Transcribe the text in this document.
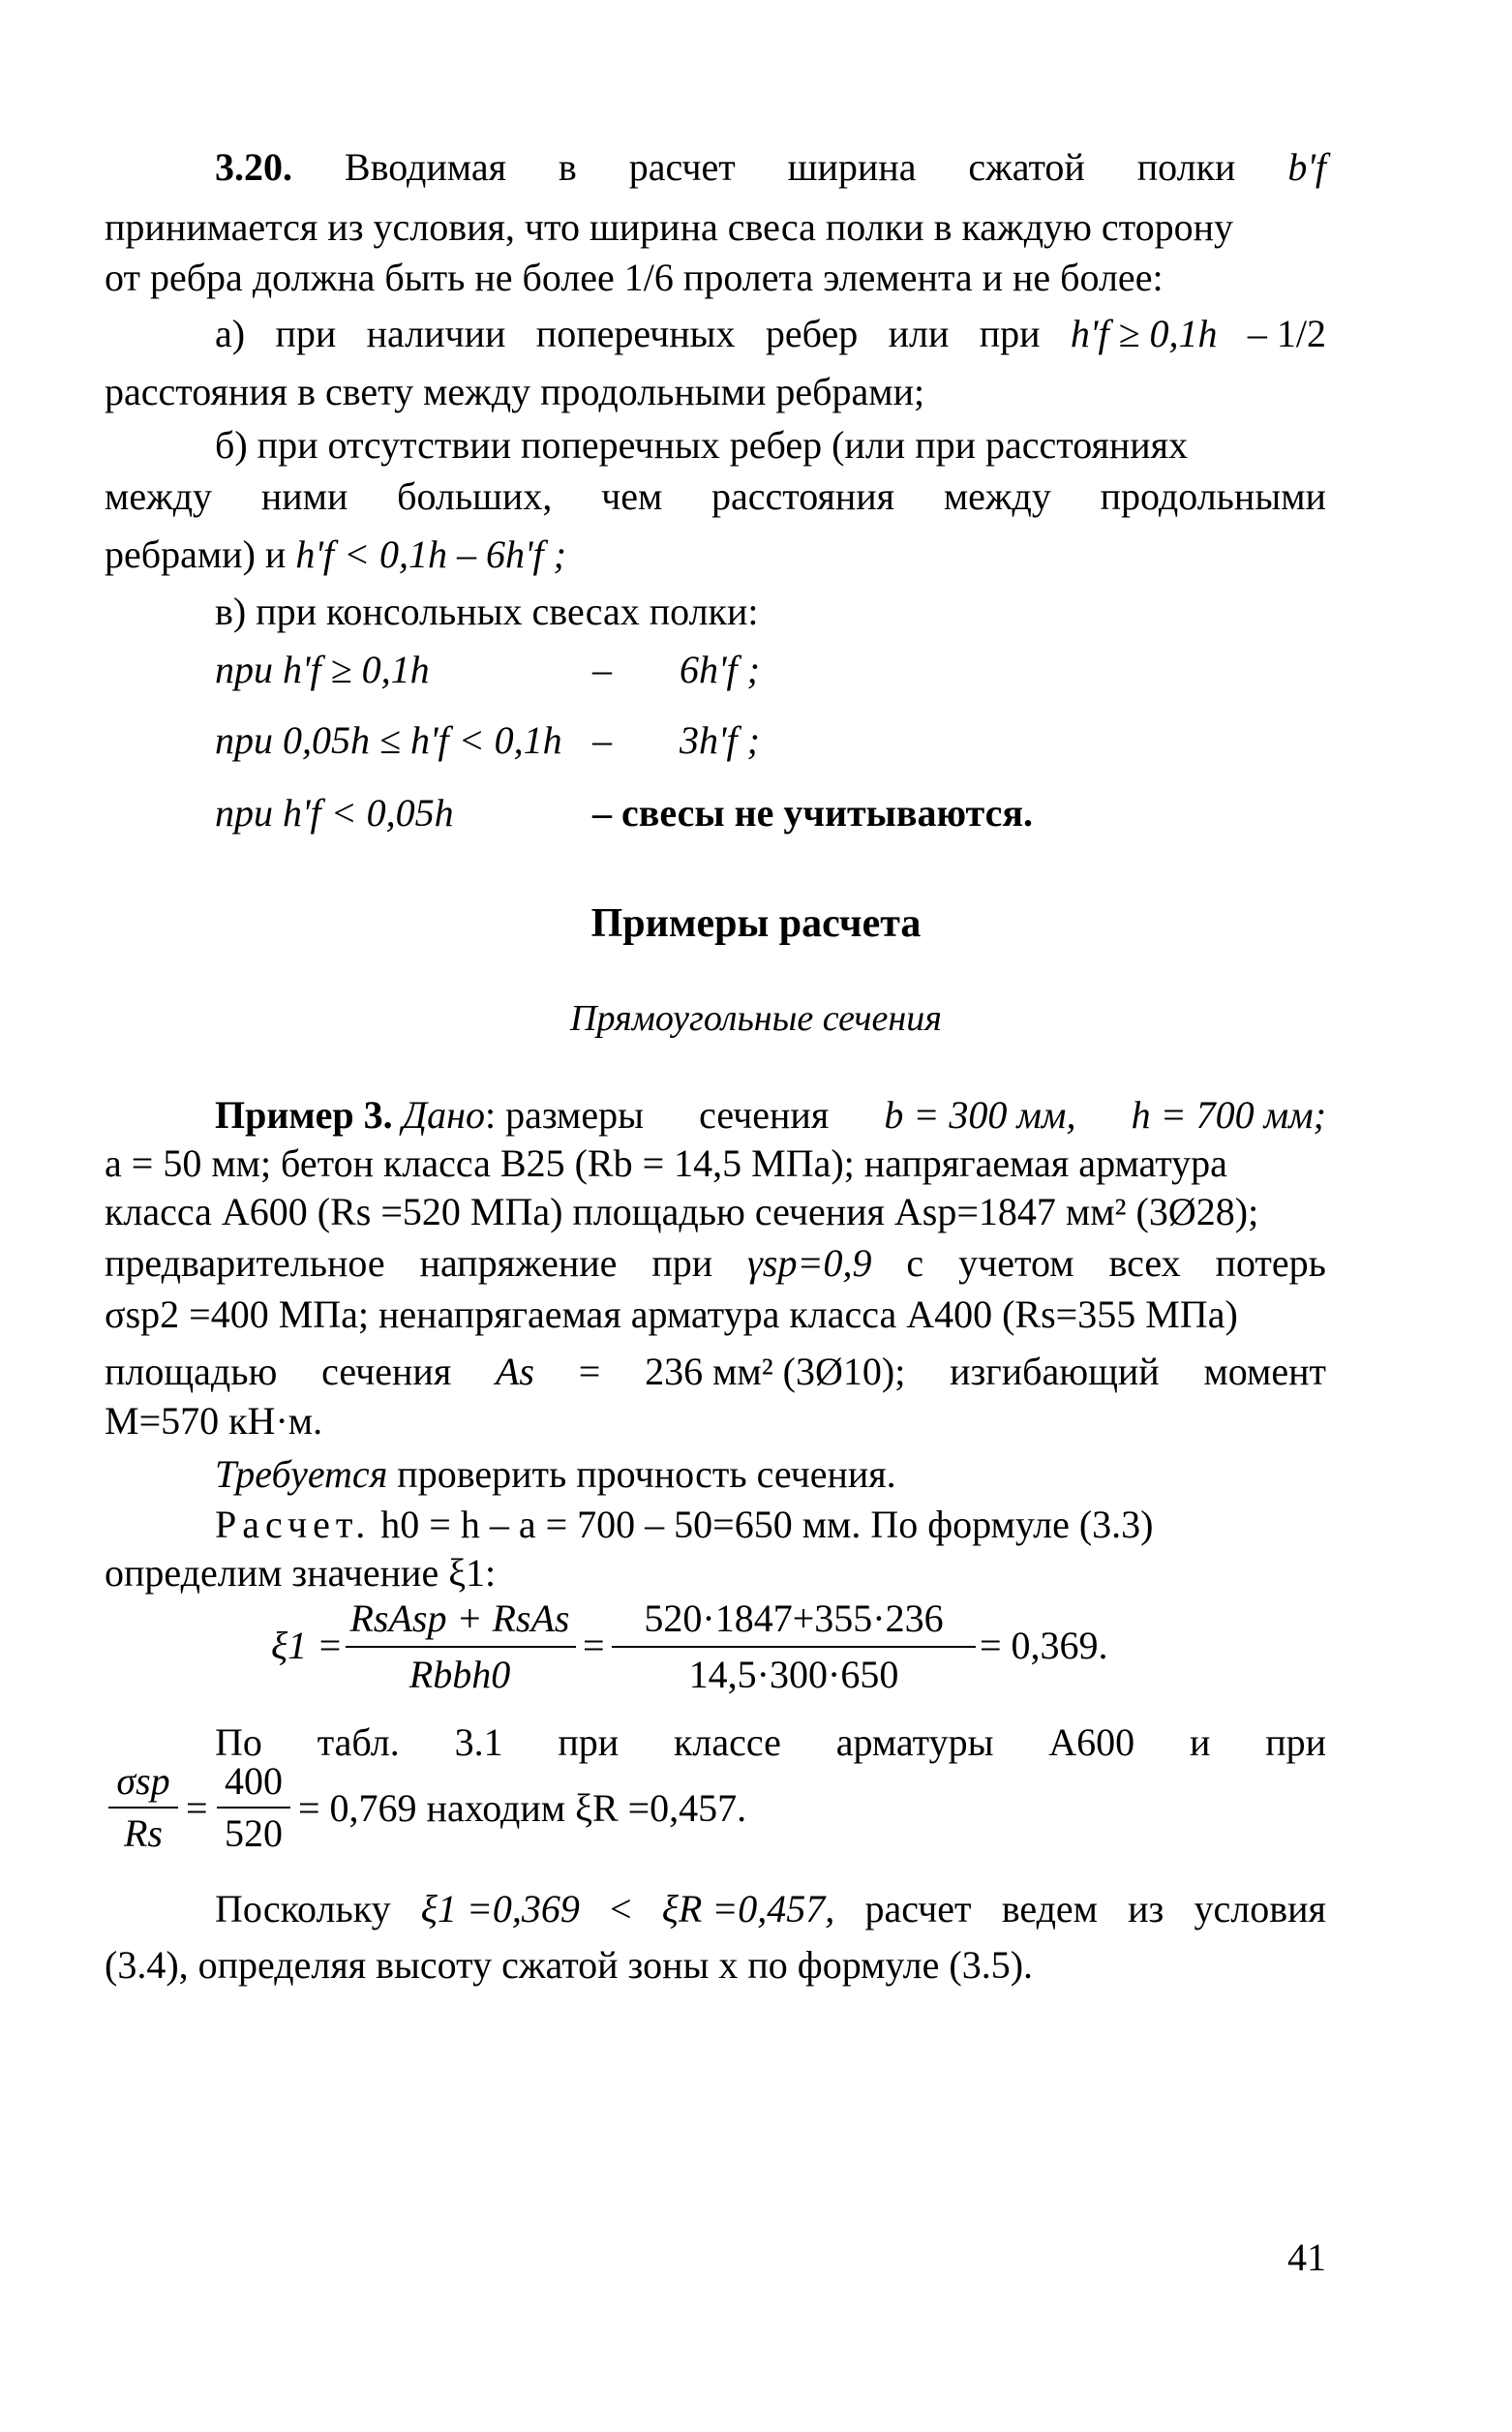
3.20. Вводимая в расчет ширина сжатой полки b'f
принимается из условия, что ширина свеса полки в каждую сторону
от ребра должна быть не более 1/6 пролета элемента и не более:
а) при наличии поперечных ребер или при h'f ≥ 0,1h – 1/2
расстояния в свету между продольными ребрами;
б) при отсутствии поперечных ребер (или при расстояниях
между ними больших, чем расстояния между продольными
ребрами) и h'f < 0,1h – 6h'f ;
в) при консольных свесах полки:
при h'f ≥ 0,1h	– 6h'f ;
при 0,05h ≤ h'f < 0,1h – 3h'f ;
при h'f < 0,05h	– свесы не учитываются.
Примеры расчета
Прямоугольные сечения
Пример 3. Дано: размеры сечения b = 300 мм, h = 700 мм;
a = 50 мм; бетон класса В25 (Rb = 14,5 МПа); напрягаемая арматура
класса А600 (Rs =520 МПа) площадью сечения Asp=1847 мм² (3Ø28);
предварительное напряжение при γsp=0,9 с учетом всех потерь
σsp2 =400 МПа; ненапрягаемая арматура класса А400 (Rs=355 МПа)
площадью сечения As = 236 мм² (3Ø10); изгибающий момент
M=570 кН·м.
Требуется проверить прочность сечения.
Расчет. h0 = h – a = 700 – 50=650 мм. По формуле (3.3)
определим значение ξ1:
ξ1 =
RsAsp + RsAs
Rbbh0
=
520·1847+355·236
14,5·300·650
= 0,369.
По табл. 3.1 при классе арматуры А600 и при
σsp
Rs
=
400
520
= 0,769 находим ξR =0,457.
Поскольку ξ1 =0,369 < ξR =0,457, расчет ведем из условия
(3.4), определяя высоту сжатой зоны x по формуле (3.5).
41
